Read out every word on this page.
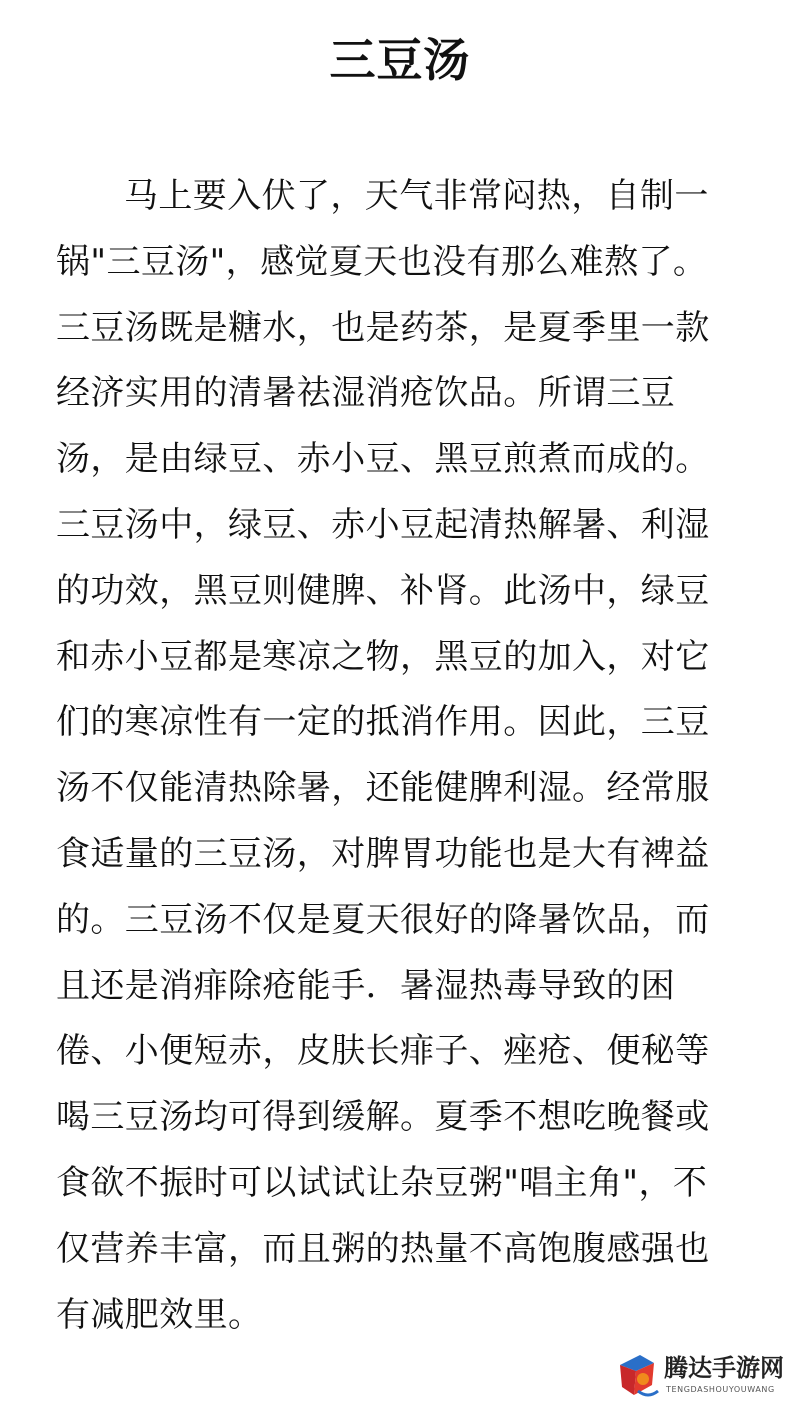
三豆汤
马上要入伏了，天气非常闷热，自制一
锅"三豆汤"，感觉夏天也没有那么难熬了。
三豆汤既是糖水，也是药茶，是夏季里一款
经济实用的清暑祛湿消疮饮品。所谓三豆
汤，是由绿豆、赤小豆、黑豆煎煮而成的。
三豆汤中，绿豆、赤小豆起清热解暑、利湿
的功效，黑豆则健脾、补肾。此汤中，绿豆
和赤小豆都是寒凉之物，黑豆的加入，对它
们的寒凉性有一定的抵消作用。因此，三豆
汤不仅能清热除暑，还能健脾利湿。经常服
食适量的三豆汤，对脾胃功能也是大有裨益
的。三豆汤不仅是夏天很好的降暑饮品，而
且还是消痱除疮能手．暑湿热毒导致的困
倦、小便短赤，皮肤长痱子、痤疮、便秘等
喝三豆汤均可得到缓解。夏季不想吃晚餐或
食欲不振时可以试试让杂豆粥"唱主角"，不
仅营养丰富，而且粥的热量不高饱腹感强也
有减肥效里。
腾达手游网
TENGDASHOUYOUWANG
